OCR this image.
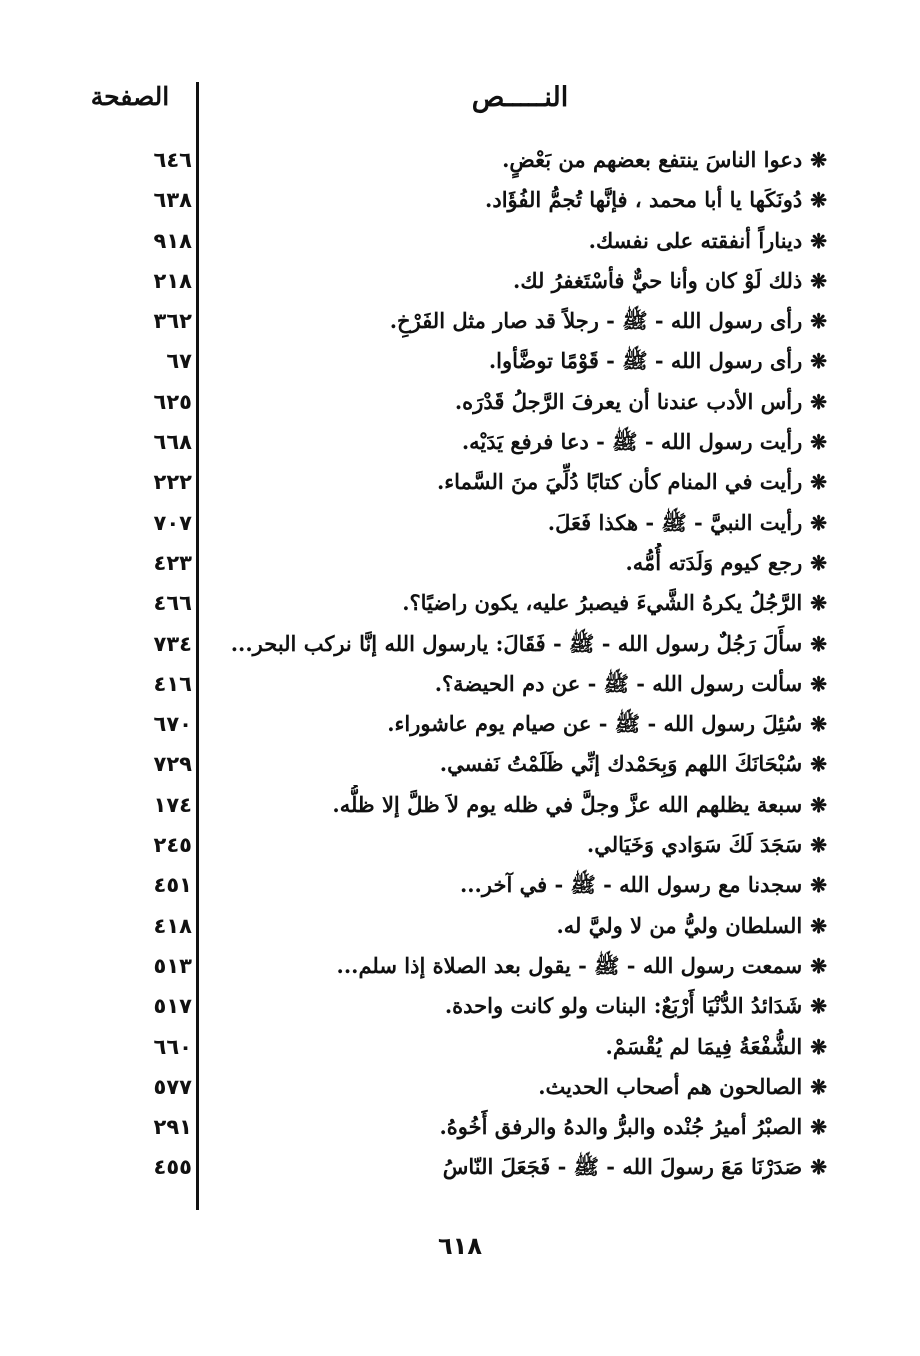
النـــــص
الصفحة
❋دعوا الناسَ ينتفع بعضهم من بَعْضٍ.
٦٤٦
❋دُونَكَها يا أبا محمد ، فإنَّها تُجمُّ الفُؤَاد.
٦٣٨
❋ديناراً أنفقته على نفسك.
٩١٨
❋ذلك لَوْ كان وأنا حيٌّ فأسْتَغفرُ لك.
٢١٨
❋رأى رسول الله - ﷺ - رجلاً قد صار مثل الفَرْخِ.
٣٦٢
❋رأى رسول الله - ﷺ - قَوْمًا توضَّأوا.
٦٧
❋رأس الأدب عندنا أن يعرفَ الرَّجلُ قَدْرَه.
٦٢٥
❋رأيت رسول الله - ﷺ - دعا فرفع يَدَيْه.
٦٦٨
❋رأيت في المنام كأن كتابًا دُلِّيَ منَ السَّماء.
٢٢٢
❋رأيت النبيَّ - ﷺ - هكذا فَعَلَ.
٧٠٧
❋رجع كيوم وَلَدَته أُمُّه.
٤٢٣
❋الرَّجُلُ يكرهُ الشَّيءَ فيصبرُ عليه، يكون راضيًا؟.
٤٦٦
❋سأَلَ رَجُلٌ رسول الله - ﷺ - فَقَالَ: يارسول الله إنَّا نركب البحر...
٧٣٤
❋سألت رسول الله - ﷺ - عن دم الحيضة؟.
٤١٦
❋سُئِلَ رسول الله - ﷺ - عن صيام يوم عاشوراء.
٦٧٠
❋سُبْحَانَكَ اللهم وَبِحَمْدك إنِّي ظَلَمْتُ نَفسي.
٧٢٩
❋سبعة يظلهم الله عزَّ وجلَّ في ظله يوم لاَ ظلَّ إلا ظلُّه.
١٧٤
❋سَجَدَ لَكَ سَوَادي وَخَيَالي.
٢٤٥
❋سجدنا مع رسول الله - ﷺ - في آخر...
٤٥١
❋السلطان وليُّ من لا وليَّ له.
٤١٨
❋سمعت رسول الله - ﷺ - يقول بعد الصلاة إذا سلم...
٥١٣
❋شَدَائدُ الدُّنْيَا أَرْبَعٌ: البنات ولو كانت واحدة.
٥١٧
❋الشُّفْعَةُ فِيمَا لم يُقْسَمْ.
٦٦٠
❋الصالحون هم أصحاب الحديث.
٥٧٧
❋الصبْرُ أميرُ جُنْده والبرُّ والدهُ والرفق أَخُوهُ.
٢٩١
❋صَدَرْنَا مَعَ رسولَ الله - ﷺ - فَجَعَلَ النّاسُ
٤٥٥
٦١٨
